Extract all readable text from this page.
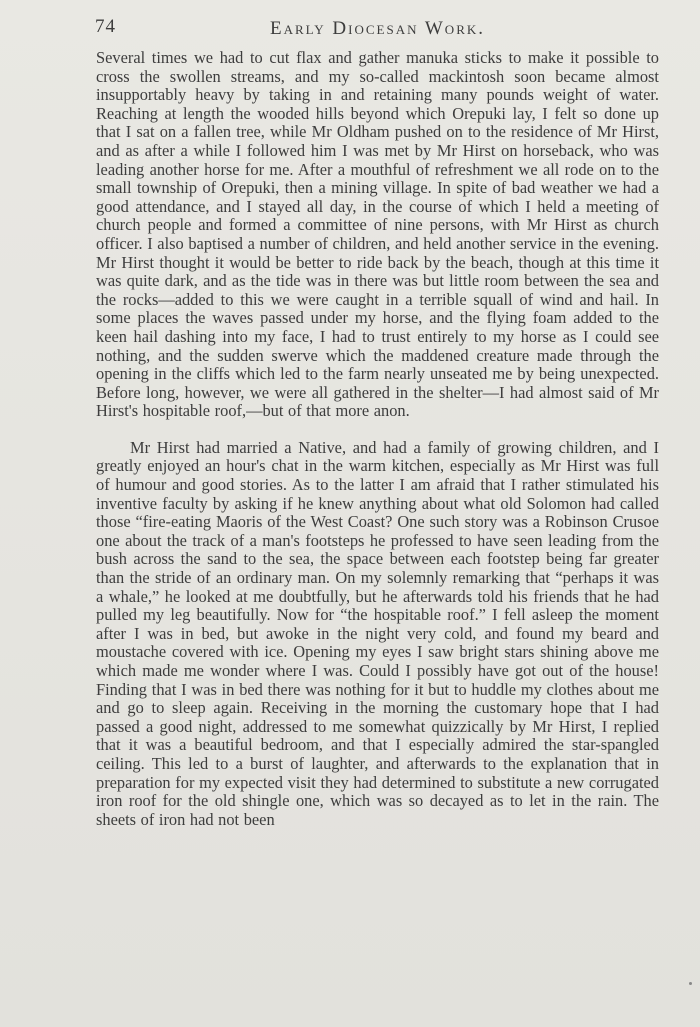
74	Early Diocesan Work.

Several times we had to cut flax and gather manuka sticks to make it possible to cross the swollen streams, and my so-called mackintosh soon became almost insupportably heavy by taking in and retaining many pounds weight of water. Reaching at length the wooded hills beyond which Orepuki lay, I felt so done up that I sat on a fallen tree, while Mr Oldham pushed on to the residence of Mr Hirst, and as after a while I followed him I was met by Mr Hirst on horseback, who was leading another horse for me. After a mouthful of refreshment we all rode on to the small township of Orepuki, then a mining village. In spite of bad weather we had a good attendance, and I stayed all day, in the course of which I held a meeting of church people and formed a committee of nine persons, with Mr Hirst as church officer. I also baptised a number of children, and held another service in the evening. Mr Hirst thought it would be better to ride back by the beach, though at this time it was quite dark, and as the tide was in there was but little room between the sea and the rocks—added to this we were caught in a terrible squall of wind and hail. In some places the waves passed under my horse, and the flying foam added to the keen hail dashing into my face, I had to trust entirely to my horse as I could see nothing, and the sudden swerve which the maddened creature made through the opening in the cliffs which led to the farm nearly unseated me by being unexpected. Before long, however, we were all gathered in the shelter—I had almost said of Mr Hirst's hospitable roof,—but of that more anon.

Mr Hirst had married a Native, and had a family of growing children, and I greatly enjoyed an hour's chat in the warm kitchen, especially as Mr Hirst was full of humour and good stories. As to the latter I am afraid that I rather stimulated his inventive faculty by asking if he knew anything about what old Solomon had called those “fire-eating Maoris of the West Coast? One such story was a Robinson Crusoe one about the track of a man's footsteps he professed to have seen leading from the bush across the sand to the sea, the space between each footstep being far greater than the stride of an ordinary man. On my solemnly remarking that “perhaps it was a whale,” he looked at me doubtfully, but he afterwards told his friends that he had pulled my leg beautifully. Now for “the hospitable roof.” I fell asleep the moment after I was in bed, but awoke in the night very cold, and found my beard and moustache covered with ice. Opening my eyes I saw bright stars shining above me which made me wonder where I was. Could I possibly have got out of the house! Finding that I was in bed there was nothing for it but to huddle my clothes about me and go to sleep again. Receiving in the morning the customary hope that I had passed a good night, addressed to me somewhat quizzically by Mr Hirst, I replied that it was a beautiful bedroom, and that I especially admired the star-spangled ceiling. This led to a burst of laughter, and afterwards to the explanation that in preparation for my expected visit they had determined to substitute a new corrugated iron roof for the old shingle one, which was so decayed as to let in the rain. The sheets of iron had not been
